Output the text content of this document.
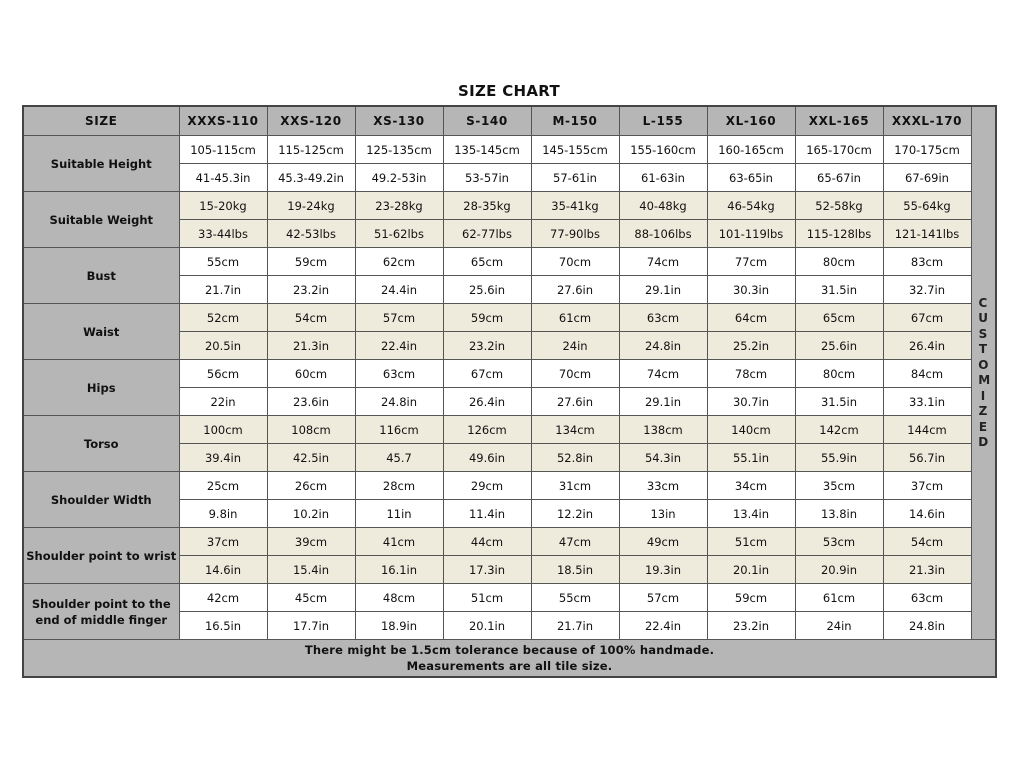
SIZE CHART
SIZE	XXXS-110	XXS-120	XS-130	S-140	M-150	L-155	XL-160	XXL-165	XXXL-170	CUSTOMIZED

Suitable Height	105-115cm	115-125cm	125-135cm	135-145cm	145-155cm	155-160cm	160-165cm	165-170cm	170-175cm	
	41-45.3in	45.3-49.2in	49.2-53in	53-57in	57-61in	61-63in	63-65in	65-67in	67-69in	
Suitable Weight	15-20kg	19-24kg	23-28kg	28-35kg	35-41kg	40-48kg	46-54kg	52-58kg	55-64kg	
	33-44lbs	42-53lbs	51-62lbs	62-77lbs	77-90lbs	88-106lbs	101-119lbs	115-128lbs	121-141lbs	
Bust	55cm	59cm	62cm	65cm	70cm	74cm	77cm	80cm	83cm	
	21.7in	23.2in	24.4in	25.6in	27.6in	29.1in	30.3in	31.5in	32.7in	
Waist	52cm	54cm	57cm	59cm	61cm	63cm	64cm	65cm	67cm	
	20.5in	21.3in	22.4in	23.2in	24in	24.8in	25.2in	25.6in	26.4in	
Hips	56cm	60cm	63cm	67cm	70cm	74cm	78cm	80cm	84cm	
	22in	23.6in	24.8in	26.4in	27.6in	29.1in	30.7in	31.5in	33.1in	
Torso	100cm	108cm	116cm	126cm	134cm	138cm	140cm	142cm	144cm	
	39.4in	42.5in	45.7	49.6in	52.8in	54.3in	55.1in	55.9in	56.7in	
Shoulder Width	25cm	26cm	28cm	29cm	31cm	33cm	34cm	35cm	37cm	
	9.8in	10.2in	11in	11.4in	12.2in	13in	13.4in	13.8in	14.6in	
Shoulder point to wrist	37cm	39cm	41cm	44cm	47cm	49cm	51cm	53cm	54cm	
	14.6in	15.4in	16.1in	17.3in	18.5in	19.3in	20.1in	20.9in	21.3in	
Shoulder point to the end of middle finger	42cm	45cm	48cm	51cm	55cm	57cm	59cm	61cm	63cm	
	16.5in	17.7in	18.9in	20.1in	21.7in	22.4in	23.2in	24in	24.8in	

There might be 1.5cm tolerance because of 100% handmade.
Measurements are all tile size.										
